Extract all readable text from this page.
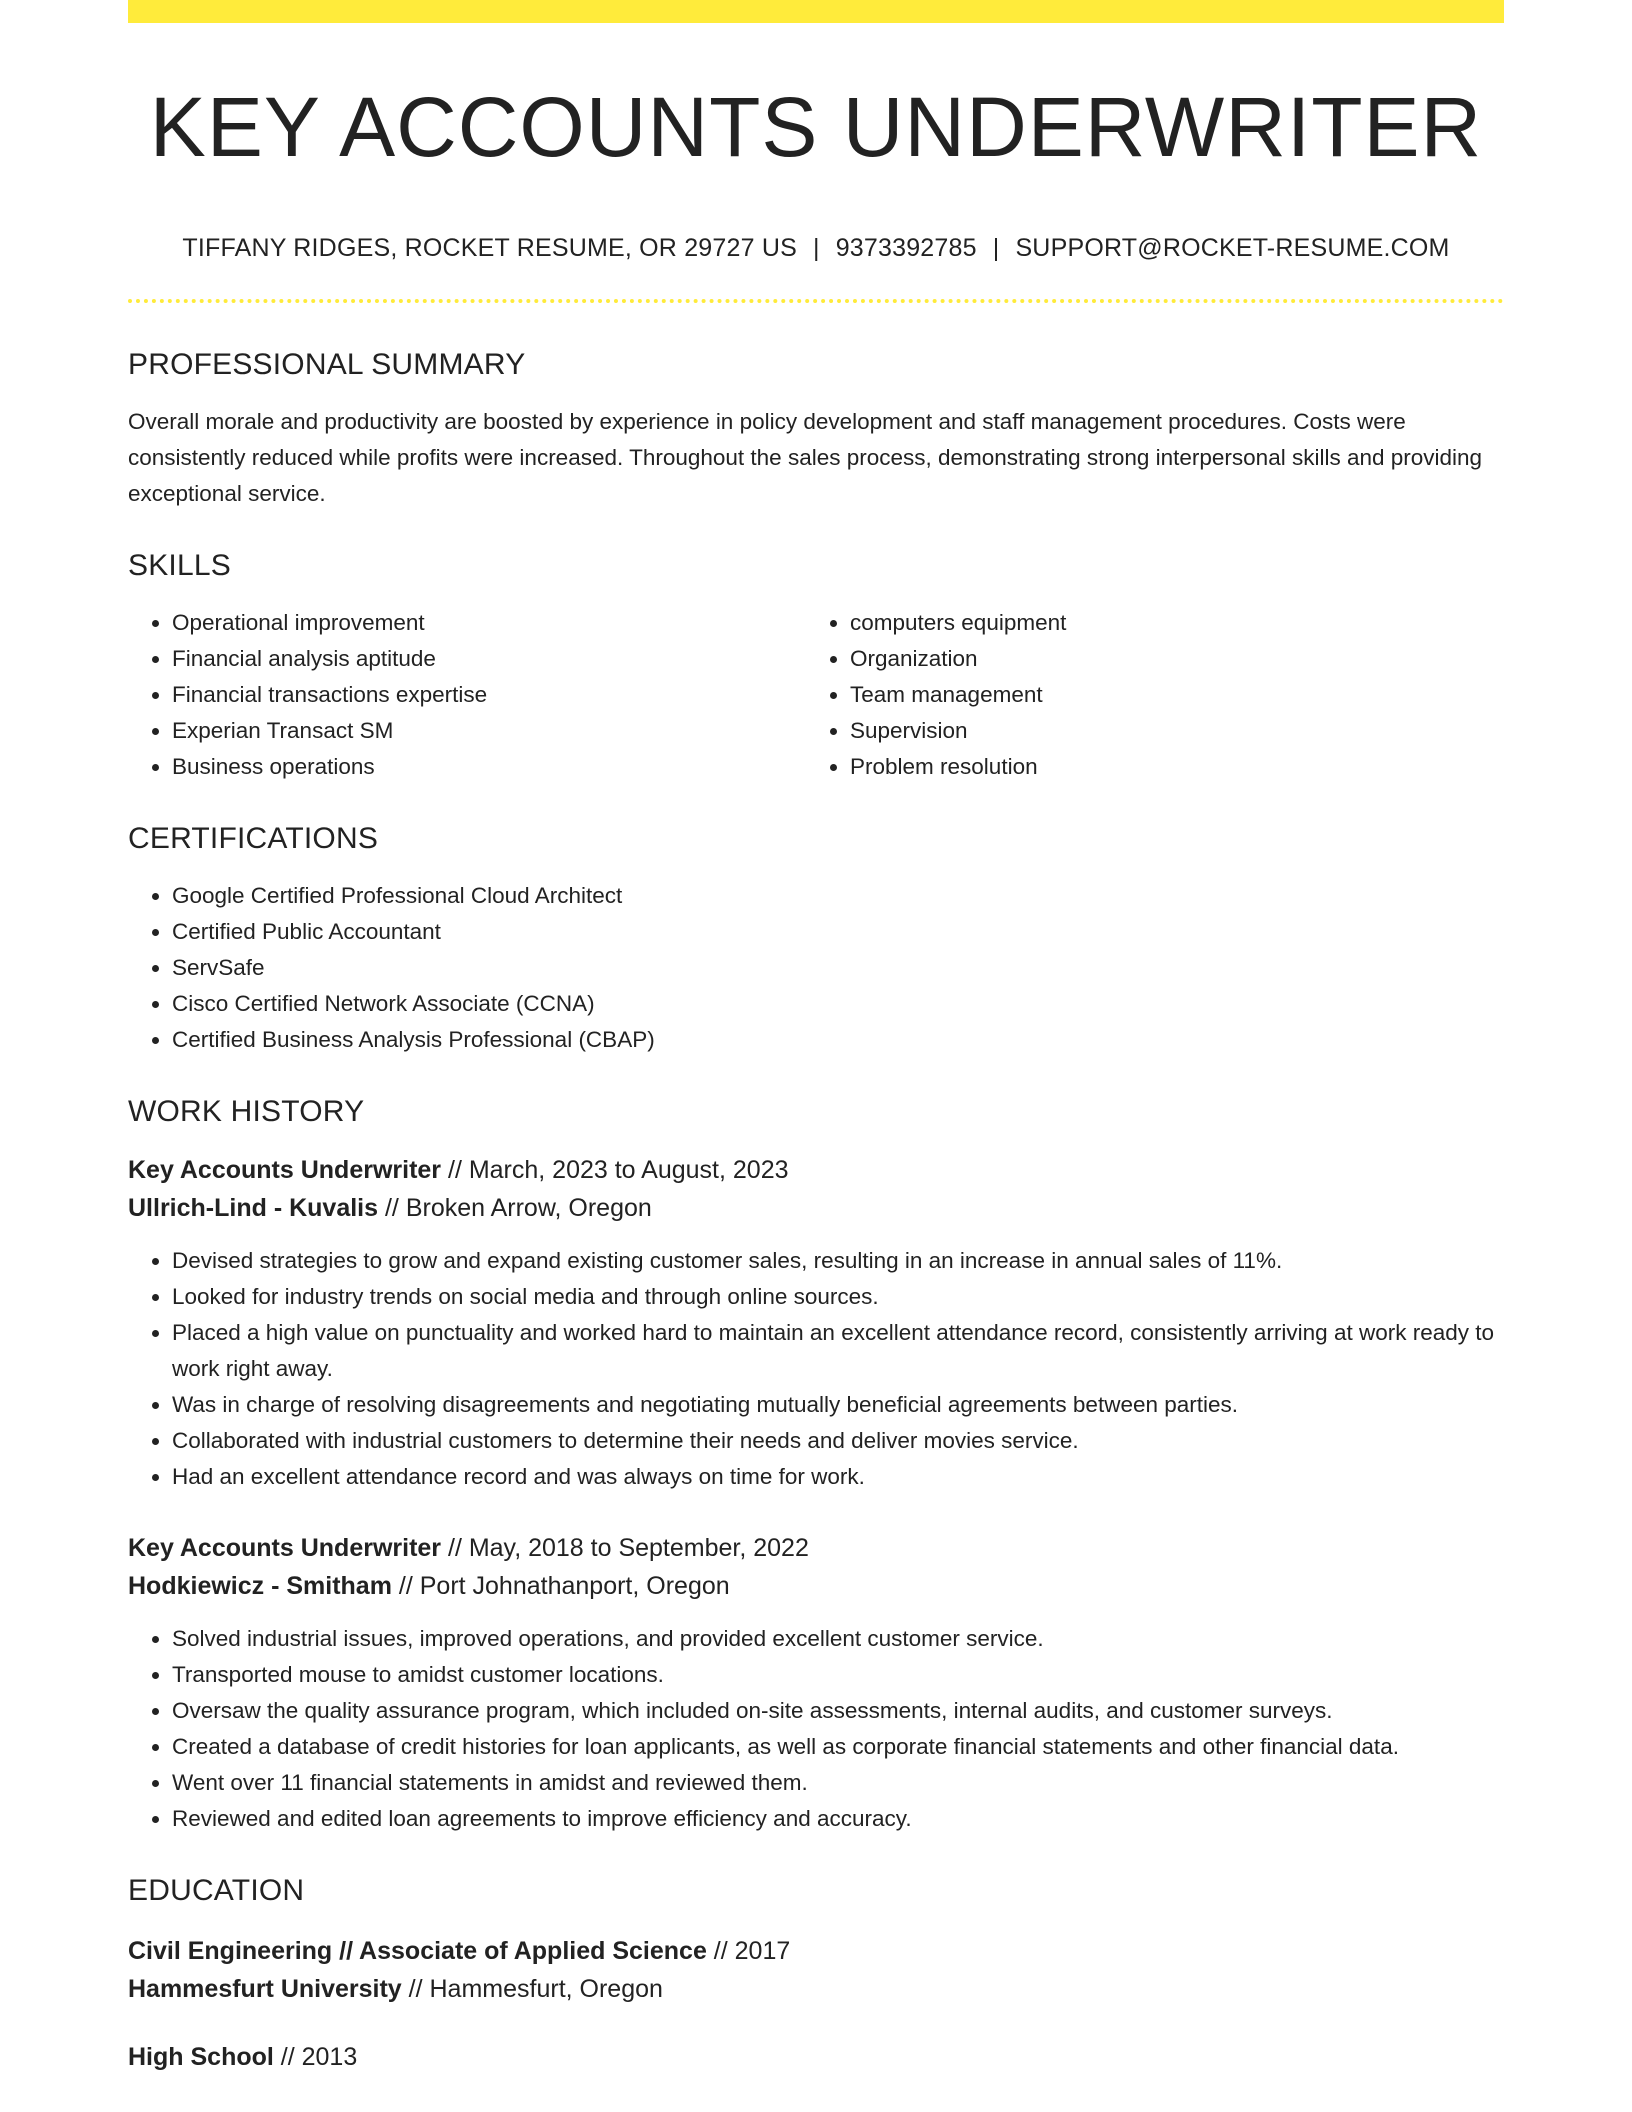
KEY ACCOUNTS UNDERWRITER
TIFFANY RIDGES, ROCKET RESUME, OR 29727 US | 9373392785 | SUPPORT@ROCKET-RESUME.COM
PROFESSIONAL SUMMARY
Overall morale and productivity are boosted by experience in policy development and staff management procedures. Costs were consistently reduced while profits were increased. Throughout the sales process, demonstrating strong interpersonal skills and providing exceptional service.
SKILLS
• Operational improvement
• Financial analysis aptitude
• Financial transactions expertise
• Experian Transact SM
• Business operations
• computers equipment
• Organization
• Team management
• Supervision
• Problem resolution
CERTIFICATIONS
• Google Certified Professional Cloud Architect
• Certified Public Accountant
• ServSafe
• Cisco Certified Network Associate (CCNA)
• Certified Business Analysis Professional (CBAP)
WORK HISTORY
Key Accounts Underwriter // March, 2023 to August, 2023
Ullrich-Lind - Kuvalis // Broken Arrow, Oregon
• Devised strategies to grow and expand existing customer sales, resulting in an increase in annual sales of 11%.
• Looked for industry trends on social media and through online sources.
• Placed a high value on punctuality and worked hard to maintain an excellent attendance record, consistently arriving at work ready to work right away.
• Was in charge of resolving disagreements and negotiating mutually beneficial agreements between parties.
• Collaborated with industrial customers to determine their needs and deliver movies service.
• Had an excellent attendance record and was always on time for work.
Key Accounts Underwriter // May, 2018 to September, 2022
Hodkiewicz - Smitham // Port Johnathanport, Oregon
• Solved industrial issues, improved operations, and provided excellent customer service.
• Transported mouse to amidst customer locations.
• Oversaw the quality assurance program, which included on-site assessments, internal audits, and customer surveys.
• Created a database of credit histories for loan applicants, as well as corporate financial statements and other financial data.
• Went over 11 financial statements in amidst and reviewed them.
• Reviewed and edited loan agreements to improve efficiency and accuracy.
EDUCATION
Civil Engineering // Associate of Applied Science // 2017
Hammesfurt University // Hammesfurt, Oregon
High School // 2013
